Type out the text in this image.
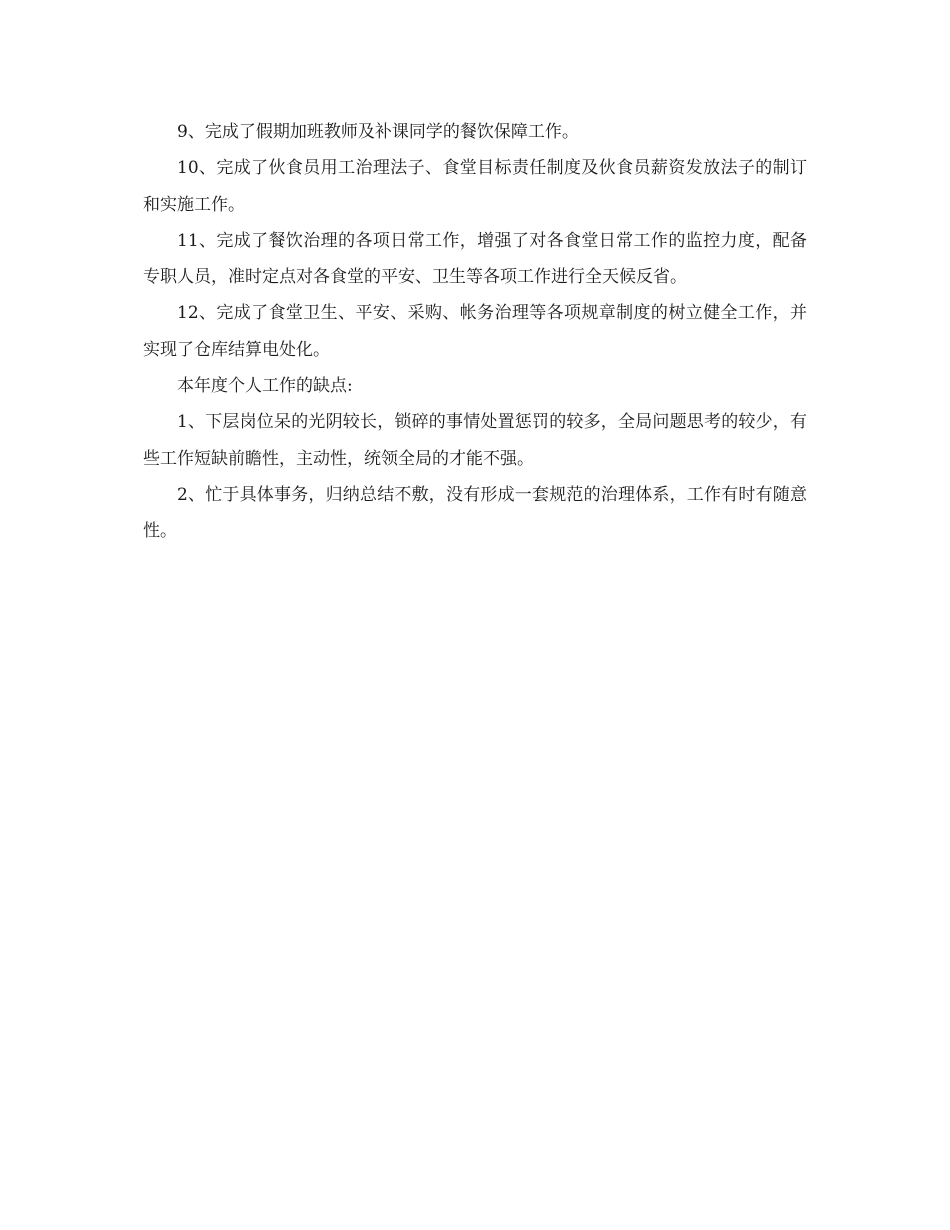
9、完成了假期加班教师及补课同学的餐饮保障工作。

10、完成了伙食员用工治理法子、食堂目标责任制度及伙食员薪资发放法子的制订和实施工作。

11、完成了餐饮治理的各项日常工作，增强了对各食堂日常工作的监控力度，配备专职人员，准时定点对各食堂的平安、卫生等各项工作进行全天候反省。

12、完成了食堂卫生、平安、采购、帐务治理等各项规章制度的树立健全工作，并实现了仓库结算电处化。

本年度个人工作的缺点:

1、下层岗位呆的光阴较长，锁碎的事情处置惩罚的较多，全局问题思考的较少，有些工作短缺前瞻性，主动性，统领全局的才能不强。

2、忙于具体事务，归纳总结不敷，没有形成一套规范的治理体系，工作有时有随意性。
